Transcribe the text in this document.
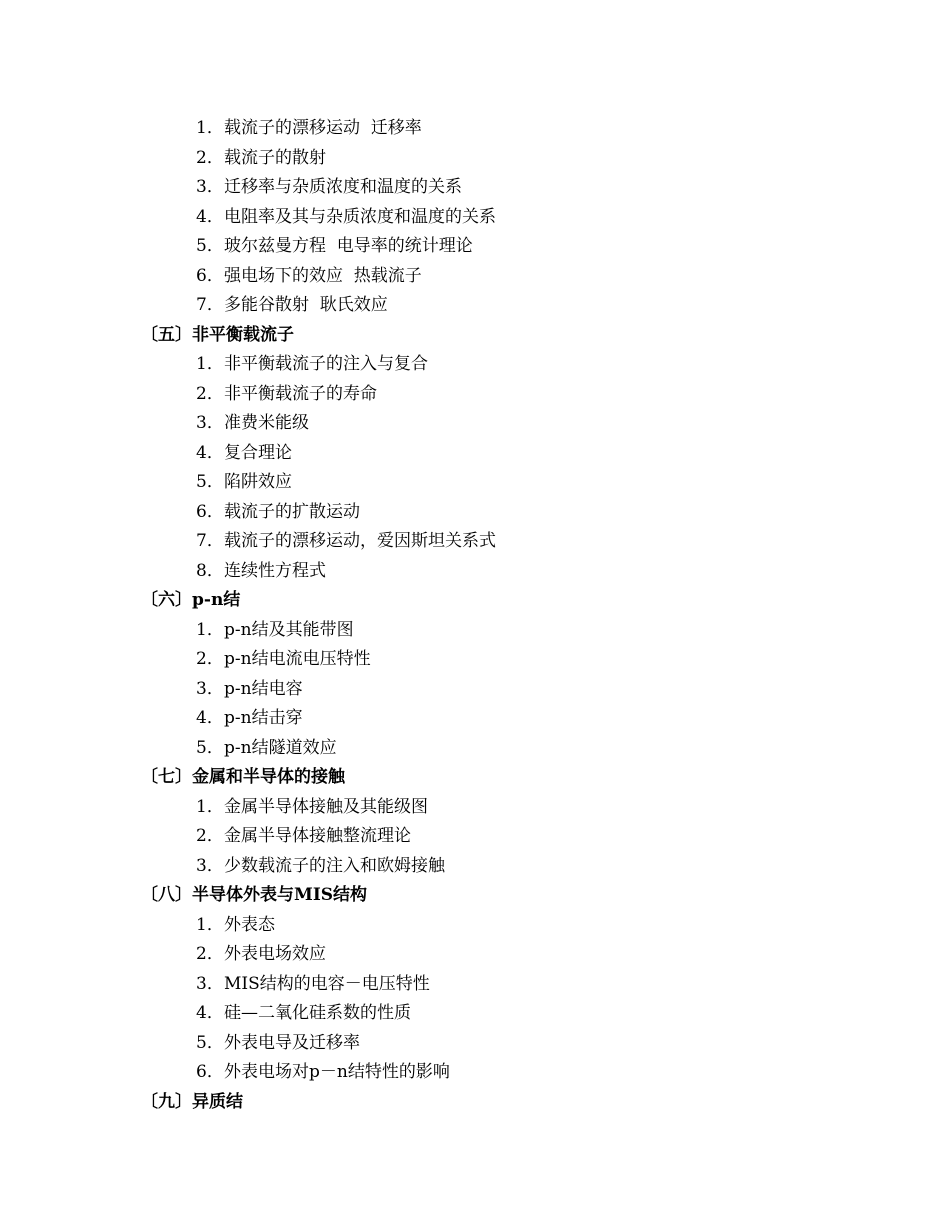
1．载流子的漂移运动  迁移率
2．载流子的散射
3．迁移率与杂质浓度和温度的关系
4．电阻率及其与杂质浓度和温度的关系
5．玻尔兹曼方程  电导率的统计理论
6．强电场下的效应  热载流子
7．多能谷散射  耿氏效应
〔五〕非平衡载流子
1．非平衡载流子的注入与复合
2．非平衡载流子的寿命
3．准费米能级
4．复合理论
5．陷阱效应
6．载流子的扩散运动
7．载流子的漂移运动，爱因斯坦关系式
8．连续性方程式
〔六〕p-n结
1．p-n结及其能带图
2．p-n结电流电压特性
3．p-n结电容
4．p-n结击穿
5．p-n结隧道效应
〔七〕金属和半导体的接触
1．金属半导体接触及其能级图
2．金属半导体接触整流理论
3．少数载流子的注入和欧姆接触
〔八〕半导体外表与MIS结构
1．外表态
2．外表电场效应
3．MIS结构的电容－电压特性
4．硅—二氧化硅系数的性质
5．外表电导及迁移率
6．外表电场对p－n结特性的影响
〔九〕异质结
